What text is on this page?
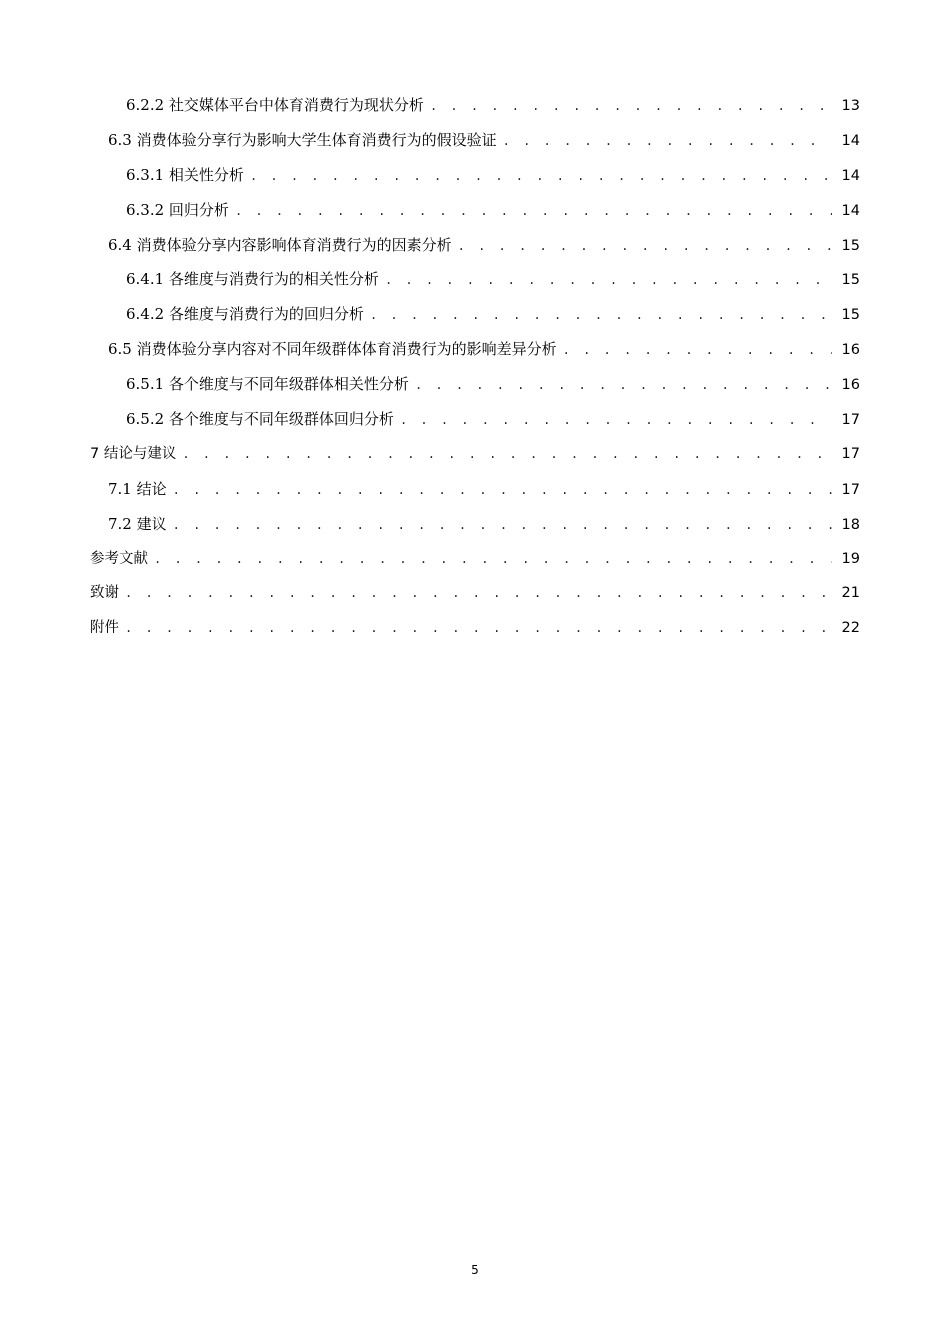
6.2.2 社交媒体平台中体育消费行为现状分析 . . .	13
6.3 消费体验分享行为影响大学生体育消费行为的假设验证 . . .	14
6.3.1 相关性分析 . . .	14
6.3.2 回归分析 . . .	14
6.4 消费体验分享内容影响体育消费行为的因素分析 . . .	15
6.4.1 各维度与消费行为的相关性分析 . . .	15
6.4.2 各维度与消费行为的回归分析 . . .	15
6.5 消费体验分享内容对不同年级群体体育消费行为的影响差异分析 . . .	16
6.5.1 各个维度与不同年级群体相关性分析 . . .	16
6.5.2 各个维度与不同年级群体回归分析 . . .	17
7 结论与建议 . . .	17
7.1 结论 . . .	17
7.2 建议 . . .	18
参考文献 . . .	19
致谢 . . .	21
附件 . . .	22
5
